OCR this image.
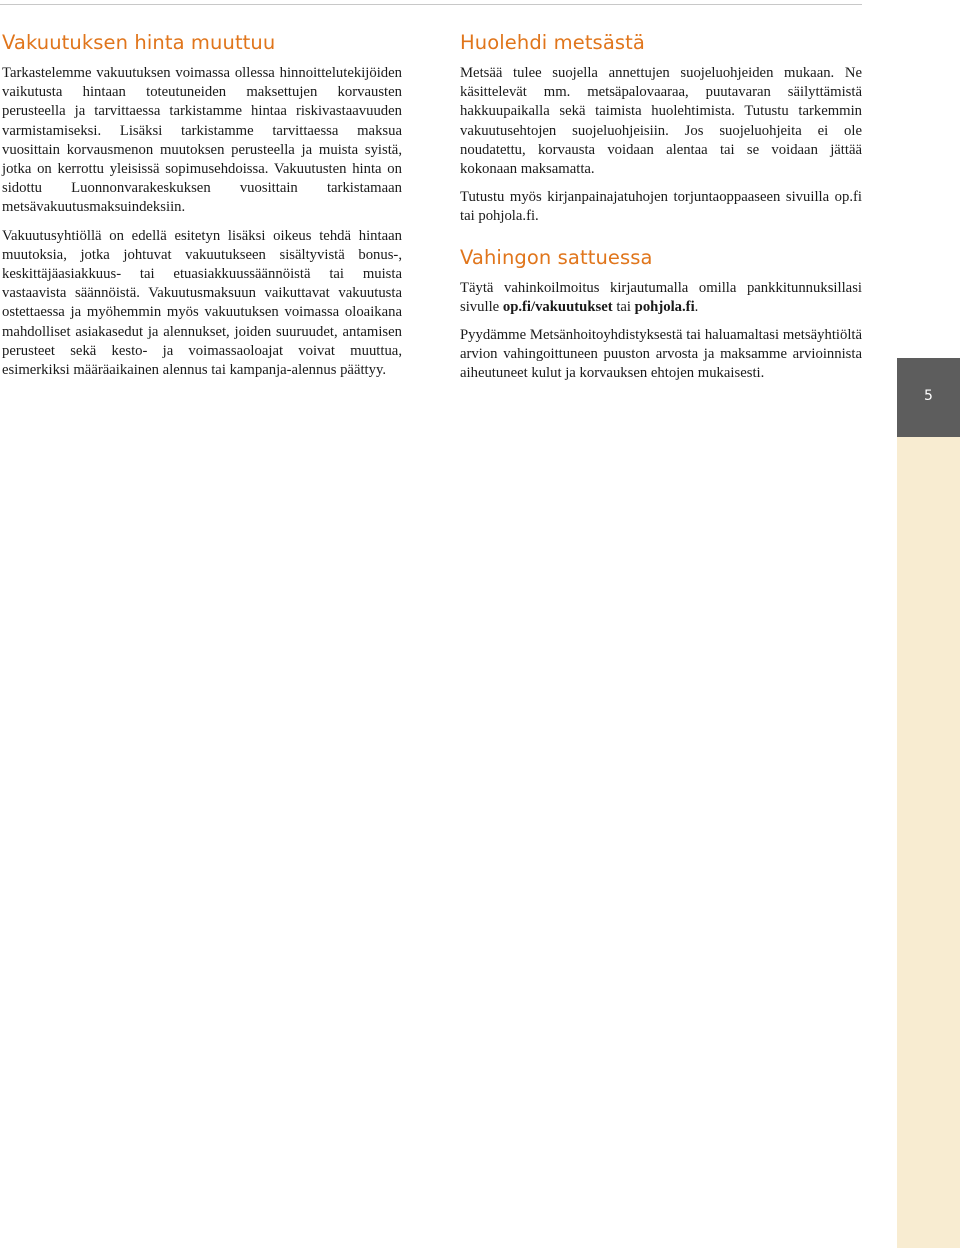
Vakuutuksen hinta muuttuu

Tarkastelemme vakuutuksen voimassa ollessa hinnoittelutekijöiden vaikutusta hintaan toteutuneiden maksettujen korvausten perusteella ja tarvittaessa tarkistamme hintaa riskivastaavuuden varmistamiseksi. Lisäksi tarkistamme tarvittaessa maksua vuosittain korvausmenon muutoksen perusteella ja muista syistä, jotka on kerrottu yleisissä sopimusehdoissa. Vakuutusten hinta on sidottu Luonnonvarakeskuksen vuosittain tarkistamaan metsävakuutusmaksuindeksiin.

Vakuutusyhtiöllä on edellä esitetyn lisäksi oikeus tehdä hintaan muutoksia, jotka johtuvat vakuutukseen sisältyvistä bonus-, keskittäjäasiakkuus- tai etuasiakkuussäännöistä tai muista vastaavista säännöistä. Vakuutusmaksuun vaikuttavat vakuutusta ostettaessa ja myöhemmin myös vakuutuksen voimassa oloaikana mahdolliset asiakasedut ja alennukset, joiden suuruudet, antamisen perusteet sekä kesto- ja voimassaoloajat voivat muuttua, esimerkiksi määräaikainen alennus tai kampanja-alennus päättyy.

Huolehdi metsästä

Metsää tulee suojella annettujen suojeluohjeiden mukaan. Ne käsittelevät mm. metsäpalovaaraa, puutavaran säilyttämistä hakkuupaikalla sekä taimista huolehtimista. Tutustu tarkemmin vakuutusehtojen suojeluohjeisiin. Jos suojeluohjeita ei ole noudatettu, korvausta voidaan alentaa tai se voidaan jättää kokonaan maksamatta.

Tutustu myös kirjanpainajatuhojen torjuntaoppaaseen sivuilla op.fi tai pohjola.fi.

Vahingon sattuessa

Täytä vahinkoilmoitus kirjautumalla omilla pankkitunnuksillasi sivulle op.fi/vakuutukset tai pohjola.fi.

Pyydämme Metsänhoitoyhdistyksestä tai haluamaltasi metsäyhtiöltä arvion vahingoittuneen puuston arvosta ja maksamme arvioinnista aiheutuneet kulut ja korvauksen ehtojen mukaisesti.

5
